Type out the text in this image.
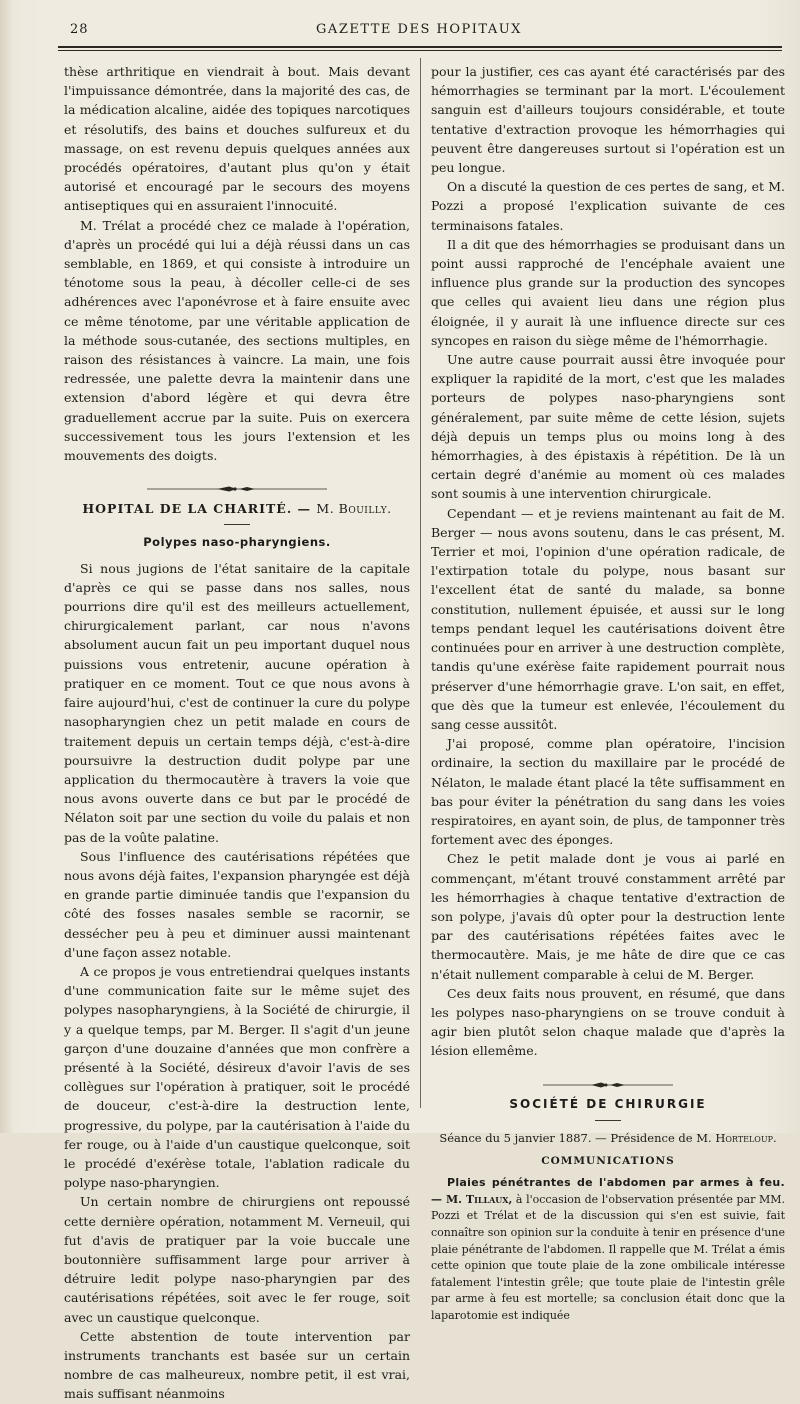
28	GAZETTE DES HOPITAUX

thèse arthritique en viendrait à bout. Mais devant l'impuissance démontrée, dans la majorité des cas, de la médication alcaline, aidée des topiques narcotiques et résolutifs, des bains et douches sulfureux et du massage, on est revenu depuis quelques années aux procédés opératoires, d'autant plus qu'on y était autorisé et encouragé par le secours des moyens antiseptiques qui en assuraient l'innocuité.

M. Trélat a procédé chez ce malade à l'opération, d'après un procédé qui lui a déjà réussi dans un cas semblable, en 1869, et qui consiste à introduire un ténotome sous la peau, à décoller celle-ci de ses adhérences avec l'aponévrose et à faire ensuite avec ce même ténotome, par une véritable application de la méthode sous-cutanée, des sections multiples, en raison des résistances à vaincre. La main, une fois redressée, une palette devra la maintenir dans une extension d'abord légère et qui devra être graduellement accrue par la suite. Puis on exercera successivement tous les jours l'extension et les mouvements des doigts.

HOPITAL DE LA CHARITÉ. — M. Bouilly.
Polypes naso-pharyngiens.

Si nous jugions de l'état sanitaire de la capitale d'après ce qui se passe dans nos salles, nous pourrions dire qu'il est des meilleurs actuellement, chirurgicalement parlant, car nous n'avons absolument aucun fait un peu important duquel nous puissions vous entretenir, aucune opération à pratiquer en ce moment. Tout ce que nous avons à faire aujourd'hui, c'est de continuer la cure du polype nasopharyngien chez un petit malade en cours de traitement depuis un certain temps déjà, c'est-à-dire poursuivre la destruction dudit polype par une application du thermocautère à travers la voie que nous avons ouverte dans ce but par le procédé de Nélaton soit par une section du voile du palais et non pas de la voûte palatine.

Sous l'influence des cautérisations répétées que nous avons déjà faites, l'expansion pharyngée est déjà en grande partie diminuée tandis que l'expansion du côté des fosses nasales semble se racornir, se dessécher peu à peu et diminuer aussi maintenant d'une façon assez notable.

A ce propos je vous entretiendrai quelques instants d'une communication faite sur le même sujet des polypes nasopharyngiens, à la Société de chirurgie, il y a quelque temps, par M. Berger. Il s'agit d'un jeune garçon d'une douzaine d'années que mon confrère a présenté à la Société, désireux d'avoir l'avis de ses collègues sur l'opération à pratiquer, soit le procédé de douceur, c'est-à-dire la destruction lente, progressive, du polype, par la cautérisation à l'aide du fer rouge, ou à l'aide d'un caustique quelconque, soit le procédé d'exérèse totale, l'ablation radicale du polype naso-pharyngien.

Un certain nombre de chirurgiens ont repoussé cette dernière opération, notamment M. Verneuil, qui fut d'avis de pratiquer par la voie buccale une boutonnière suffisamment large pour arriver à détruire ledit polype naso-pharyngien par des cautérisations répétées, soit avec le fer rouge, soit avec un caustique quelconque.

Cette abstention de toute intervention par instruments tranchants est basée sur un certain nombre de cas malheureux, nombre petit, il est vrai, mais suffisant néanmoins

pour la justifier, ces cas ayant été caractérisés par des hémorrhagies se terminant par la mort. L'écoulement sanguin est d'ailleurs toujours considérable, et toute tentative d'extraction provoque les hémorrhagies qui peuvent être dangereuses surtout si l'opération est un peu longue.

On a discuté la question de ces pertes de sang, et M. Pozzi a proposé l'explication suivante de ces terminaisons fatales.

Il a dit que des hémorrhagies se produisant dans un point aussi rapproché de l'encéphale avaient une influence plus grande sur la production des syncopes que celles qui avaient lieu dans une région plus éloignée, il y aurait là une influence directe sur ces syncopes en raison du siège même de l'hémorrhagie.

Une autre cause pourrait aussi être invoquée pour expliquer la rapidité de la mort, c'est que les malades porteurs de polypes naso-pharyngiens sont généralement, par suite même de cette lésion, sujets déjà depuis un temps plus ou moins long à des hémorrhagies, à des épistaxis à répétition. De là un certain degré d'anémie au moment où ces malades sont soumis à une intervention chirurgicale.

Cependant — et je reviens maintenant au fait de M. Berger — nous avons soutenu, dans le cas présent, M. Terrier et moi, l'opinion d'une opération radicale, de l'extirpation totale du polype, nous basant sur l'excellent état de santé du malade, sa bonne constitution, nullement épuisée, et aussi sur le long temps pendant lequel les cautérisations doivent être continuées pour en arriver à une destruction complète, tandis qu'une exérèse faite rapidement pourrait nous préserver d'une hémorrhagie grave. L'on sait, en effet, que dès que la tumeur est enlevée, l'écoulement du sang cesse aussitôt.

J'ai proposé, comme plan opératoire, l'incision ordinaire, la section du maxillaire par le procédé de Nélaton, le malade étant placé la tête suffisamment en bas pour éviter la pénétration du sang dans les voies respiratoires, en ayant soin, de plus, de tamponner très fortement avec des éponges.

Chez le petit malade dont je vous ai parlé en commençant, m'étant trouvé constamment arrêté par les hémorrhagies à chaque tentative d'extraction de son polype, j'avais dû opter pour la destruction lente par des cautérisations répétées faites avec le thermocautère. Mais, je me hâte de dire que ce cas n'était nullement comparable à celui de M. Berger.

Ces deux faits nous prouvent, en résumé, que dans les polypes naso-pharyngiens on se trouve conduit à agir bien plutôt selon chaque malade que d'après la lésion ellemême.

SOCIÉTÉ DE CHIRURGIE
Séance du 5 janvier 1887. — Présidence de M. Horteloup.
COMMUNICATIONS

Plaies pénétrantes de l'abdomen par armes à feu. — M. Tillaux, à l'occasion de l'observation présentée par MM. Pozzi et Trélat et de la discussion qui s'en est suivie, fait connaître son opinion sur la conduite à tenir en présence d'une plaie pénétrante de l'abdomen. Il rappelle que M. Trélat a émis cette opinion que toute plaie de la zone ombilicale intéresse fatalement l'intestin grêle; que toute plaie de l'intestin grêle par arme à feu est mortelle; sa conclusion était donc que la laparotomie est indiquée
